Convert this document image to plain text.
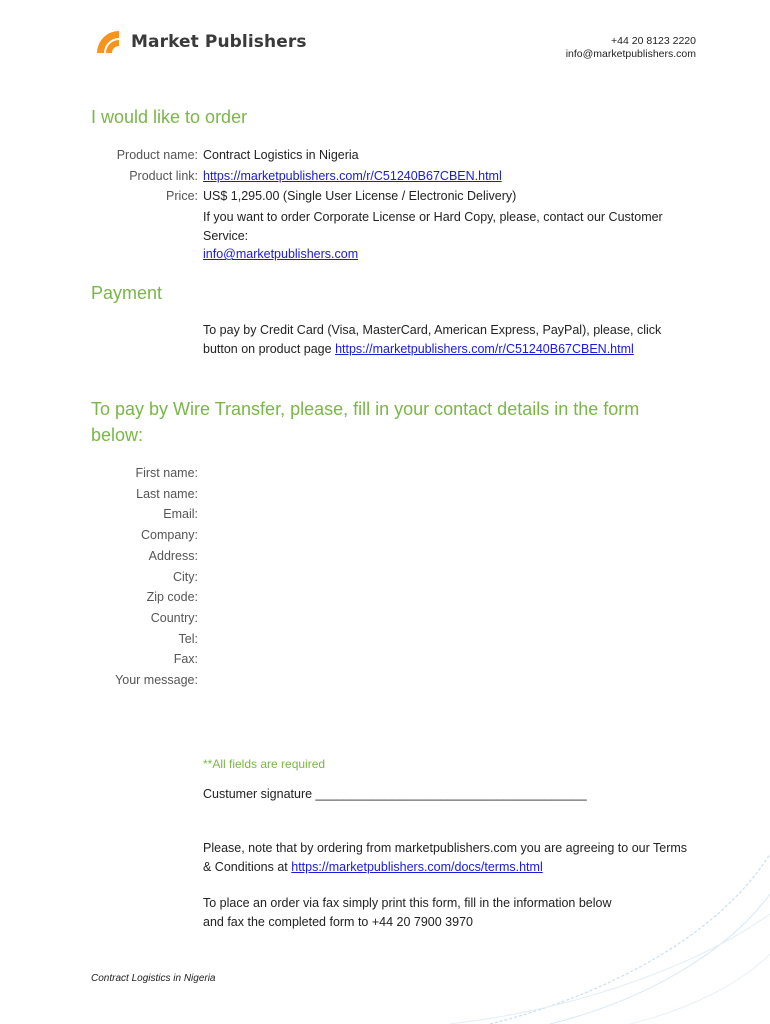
Market Publishers	+44 20 8123 2220
info@marketpublishers.com
I would like to order
Product name: Contract Logistics in Nigeria
Product link: https://marketpublishers.com/r/C51240B67CBEN.html
Price: US$ 1,295.00 (Single User License / Electronic Delivery)
If you want to order Corporate License or Hard Copy, please, contact our Customer
Service:
info@marketpublishers.com
Payment
To pay by Credit Card (Visa, MasterCard, American Express, PayPal), please, click
button on product page https://marketpublishers.com/r/C51240B67CBEN.html
To pay by Wire Transfer, please, fill in your contact details in the form
below:
First name:
Last name:
Email:
Company:
Address:
City:
Zip code:
Country:
Tel:
Fax:
Your message:
**All fields are required
Custumer signature _______________________________________
Please, note that by ordering from marketpublishers.com you are agreeing to our Terms
& Conditions at https://marketpublishers.com/docs/terms.html
To place an order via fax simply print this form, fill in the information below
and fax the completed form to +44 20 7900 3970
Contract Logistics in Nigeria
